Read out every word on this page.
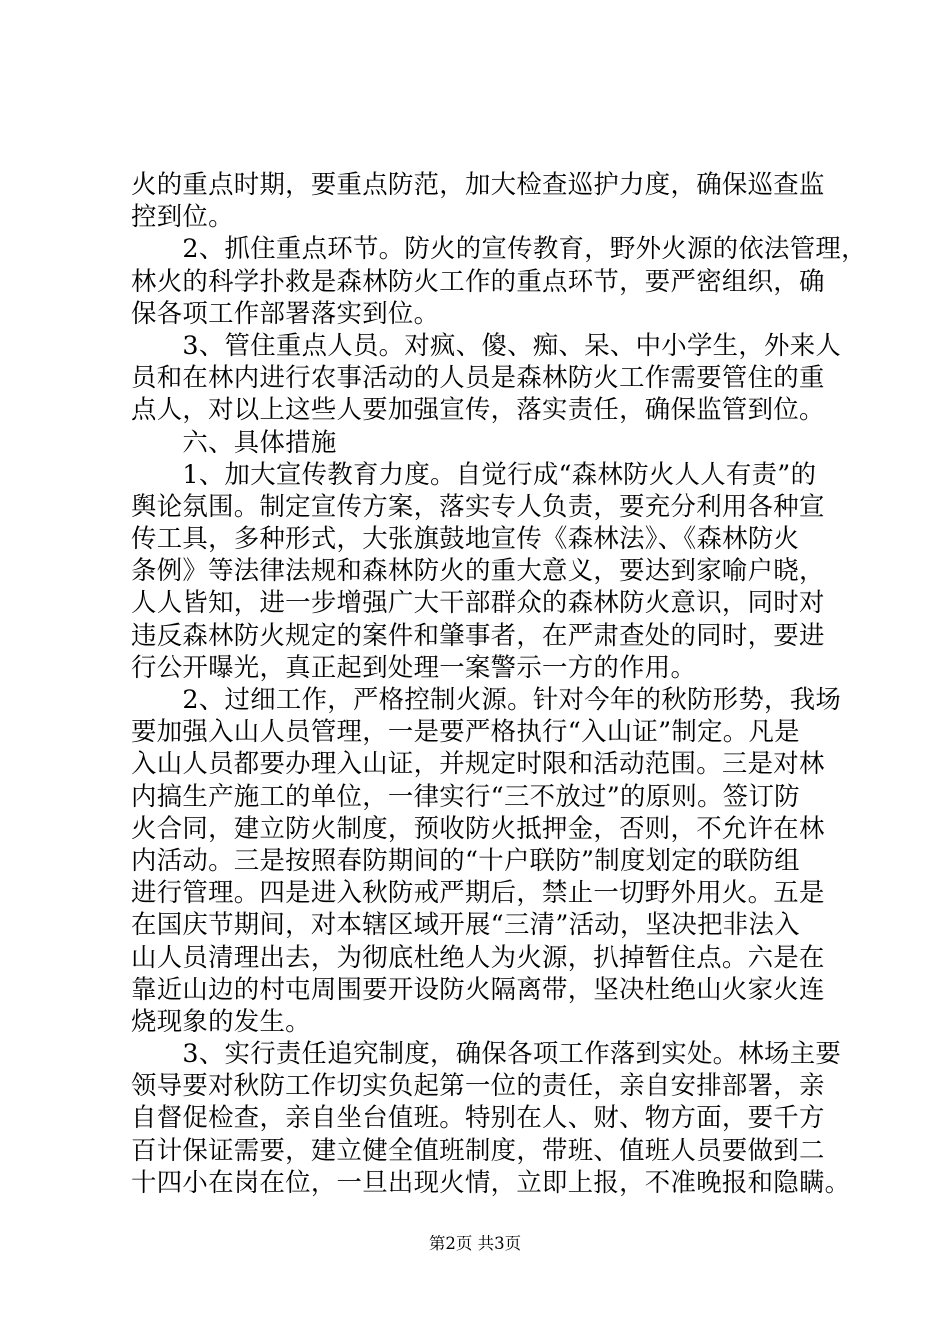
火的重点时期，要重点防范，加大检查巡护力度，确保巡查监
控到位。
　　2、抓住重点环节。防火的宣传教育，野外火源的依法管理，
林火的科学扑救是森林防火工作的重点环节，要严密组织，确
保各项工作部署落实到位。
　　3、管住重点人员。对疯、傻、痴、呆、中小学生，外来人
员和在林内进行农事活动的人员是森林防火工作需要管住的重
点人，对以上这些人要加强宣传，落实责任，确保监管到位。
　　六、具体措施
　　1、加大宣传教育力度。自觉行成“森林防火人人有责”的
舆论氛围。制定宣传方案，落实专人负责，要充分利用各种宣
传工具，多种形式，大张旗鼓地宣传《森林法》、《森林防火
条例》等法律法规和森林防火的重大意义，要达到家喻户晓，
人人皆知，进一步增强广大干部群众的森林防火意识，同时对
违反森林防火规定的案件和肇事者，在严肃查处的同时，要进
行公开曝光，真正起到处理一案警示一方的作用。
　　2、过细工作，严格控制火源。针对今年的秋防形势，我场
要加强入山人员管理，一是要严格执行“入山证”制定。凡是
入山人员都要办理入山证，并规定时限和活动范围。三是对林
内搞生产施工的单位，一律实行“三不放过”的原则。签订防
火合同，建立防火制度，预收防火抵押金，否则，不允许在林
内活动。三是按照春防期间的“十户联防”制度划定的联防组
进行管理。四是进入秋防戒严期后，禁止一切野外用火。五是
在国庆节期间，对本辖区域开展“三清”活动，坚决把非法入
山人员清理出去，为彻底杜绝人为火源，扒掉暂住点。六是在
靠近山边的村屯周围要开设防火隔离带，坚决杜绝山火家火连
烧现象的发生。
　　3、实行责任追究制度，确保各项工作落到实处。林场主要
领导要对秋防工作切实负起第一位的责任，亲自安排部署，亲
自督促检查，亲自坐台值班。特别在人、财、物方面，要千方
百计保证需要，建立健全值班制度，带班、值班人员要做到二
十四小在岗在位，一旦出现火情，立即上报，不准晚报和隐瞒。
第2页 共3页
